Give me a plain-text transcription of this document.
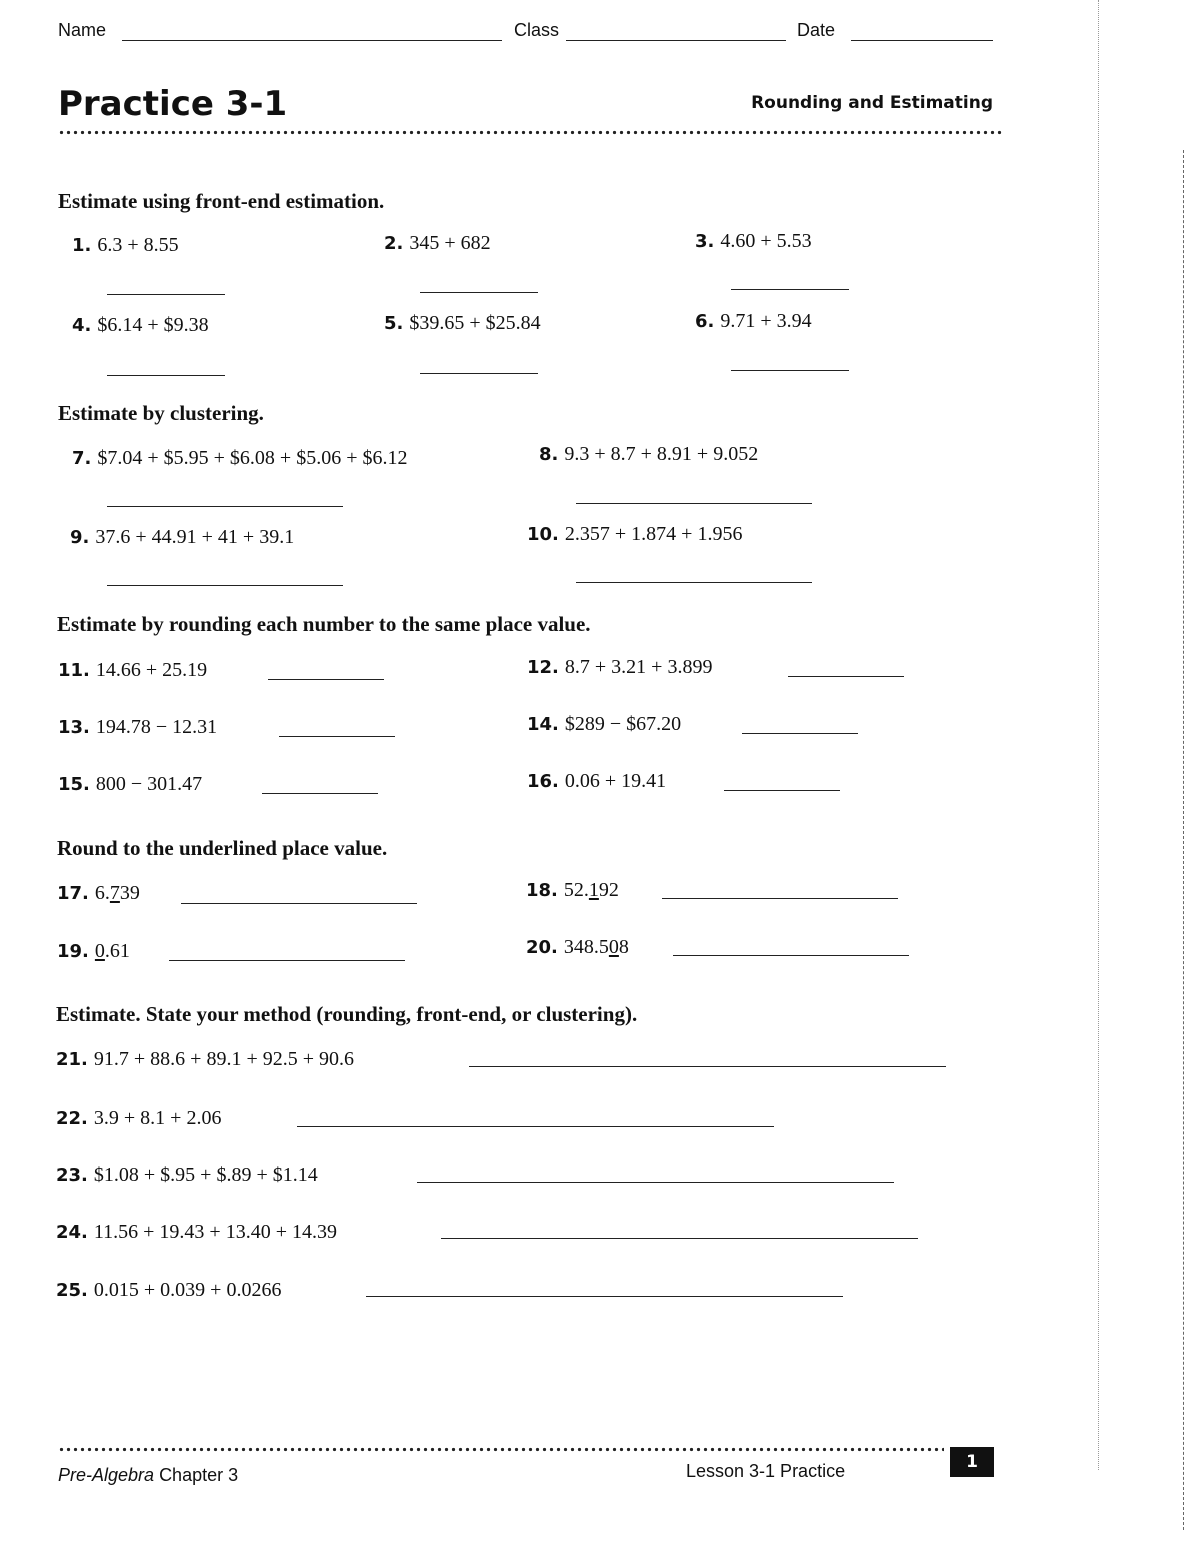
Name	Class	Date
Practice 3-1	Rounding and Estimating
Estimate using front-end estimation.
1. 6.3 + 8.55	2. 345 + 682	3. 4.60 + 5.53
4. $6.14 + $9.38	5. $39.65 + $25.84	6. 9.71 + 3.94
Estimate by clustering.
7. $7.04 + $5.95 + $6.08 + $5.06 + $6.12	8. 9.3 + 8.7 + 8.91 + 9.052
9. 37.6 + 44.91 + 41 + 39.1	10. 2.357 + 1.874 + 1.956
Estimate by rounding each number to the same place value.
11. 14.66 + 25.19	12. 8.7 + 3.21 + 3.899
13. 194.78 − 12.31	14. $289 − $67.20
15. 800 − 301.47	16. 0.06 + 19.41
Round to the underlined place value.
17. 6.739	18. 52.192
19. 0.61	20. 348.508
Estimate. State your method (rounding, front-end, or clustering).
21. 91.7 + 88.6 + 89.1 + 92.5 + 90.6
22. 3.9 + 8.1 + 2.06
23. $1.08 + $.95 + $.89 + $1.14
24. 11.56 + 19.43 + 13.40 + 14.39
25. 0.015 + 0.039 + 0.0266
Pre-Algebra Chapter 3	Lesson 3-1 Practice	1
